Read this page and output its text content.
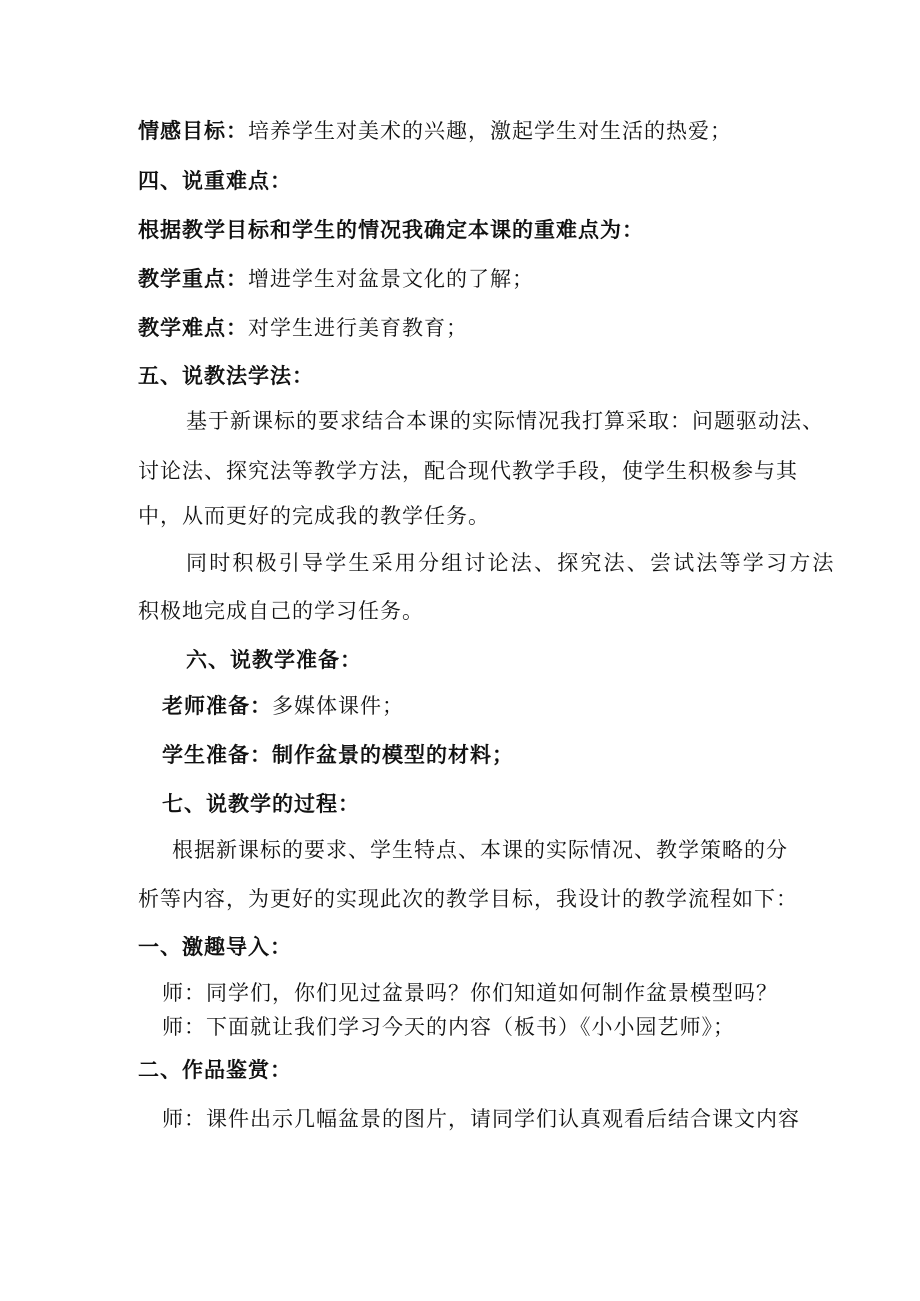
情感目标：培养学生对美术的兴趣，激起学生对生活的热爱；
四、说重难点：
根据教学目标和学生的情况我确定本课的重难点为：
教学重点：增进学生对盆景文化的了解；
教学难点：对学生进行美育教育；
五、说教法学法：
基于新课标的要求结合本课的实际情况我打算采取：问题驱动法、
讨论法、探究法等教学方法，配合现代教学手段，使学生积极参与其
中，从而更好的完成我的教学任务。
同时积极引导学生采用分组讨论法、探究法、尝试法等学习方法
积极地完成自己的学习任务。
六、说教学准备：
老师准备：多媒体课件；
学生准备：制作盆景的模型的材料；
七、说教学的过程：
根据新课标的要求、学生特点、本课的实际情况、教学策略的分
析等内容，为更好的实现此次的教学目标，我设计的教学流程如下：
一、激趣导入：
师：同学们，你们见过盆景吗？你们知道如何制作盆景模型吗？
师：下面就让我们学习今天的内容（板书）《小小园艺师》；
二、作品鉴赏：
师：课件出示几幅盆景的图片，请同学们认真观看后结合课文内容
